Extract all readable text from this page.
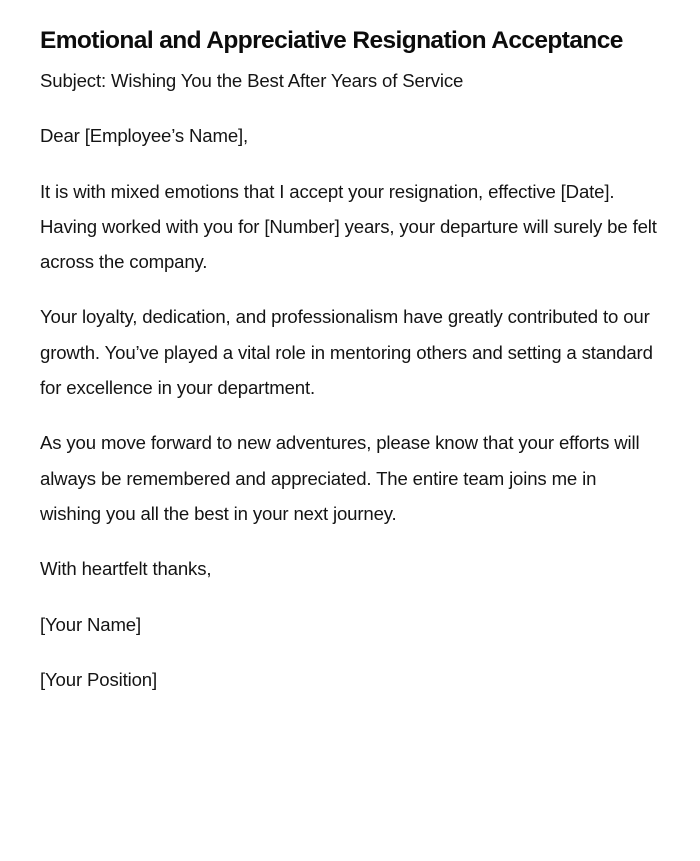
Emotional and Appreciative Resignation Acceptance

Subject: Wishing You the Best After Years of Service

Dear [Employee’s Name],

It is with mixed emotions that I accept your resignation, effective [Date]. Having worked with you for [Number] years, your departure will surely be felt across the company.

Your loyalty, dedication, and professionalism have greatly contributed to our growth. You’ve played a vital role in mentoring others and setting a standard for excellence in your department.

As you move forward to new adventures, please know that your efforts will always be remembered and appreciated. The entire team joins me in wishing you all the best in your next journey.

With heartfelt thanks,

[Your Name]

[Your Position]
